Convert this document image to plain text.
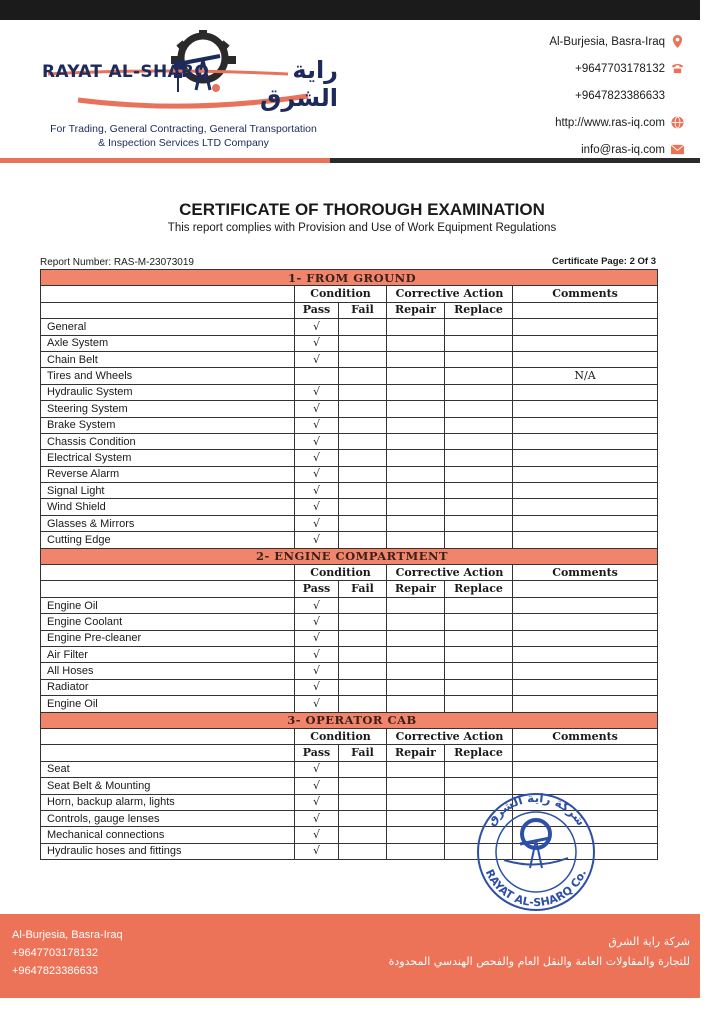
RAYAT AL-SHARQ	راية الشرق
For Trading, General Contracting, General Transportation
& Inspection Services LTD Company
Al-Burjesia, Basra-Iraq
+9647703178132
+9647823386633
http://www.ras-iq.com
info@ras-iq.com
CERTIFICATE OF THOROUGH EXAMINATION
This report complies with Provision and Use of Work Equipment Regulations
Report Number: RAS-M-23073019	Certificate Page: 2 Of 3
1- FROM GROUND					
	Condition		Corrective Action		Comments
	Pass	Fail	Repair	Replace	
General	√				
Axle System	√				
Chain Belt	√				
Tires and Wheels					N/A
Hydraulic System	√				
Steering System	√				
Brake System	√				
Chassis Condition	√				
Electrical System	√				
Reverse Alarm	√				
Signal Light	√				
Wind Shield	√				
Glasses & Mirrors	√				
Cutting Edge	√				
2- ENGINE COMPARTMENT					
	Condition		Corrective Action		Comments
	Pass	Fail	Repair	Replace	
Engine Oil	√				
Engine Coolant	√				
Engine Pre-cleaner	√				
Air Filter	√				
All Hoses	√				
Radiator	√				
Engine Oil	√				
3- OPERATOR CAB					
	Condition		Corrective Action		Comments
	Pass	Fail	Repair	Replace	
Seat	√				
Seat Belt & Mounting	√				
Horn, backup alarm, lights	√				
Controls, gauge lenses	√				
Mechanical connections	√				
Hydraulic hoses and fittings	√				
شركة راية الشرق
RAYAT AL-SHARQ Co.
Al-Burjesia, Basra-Iraq
+9647703178132
+9647823386633
شركة راية الشرق
للتجارة والمقاولات العامة والنقل العام والفحص الهندسي المحدودة
